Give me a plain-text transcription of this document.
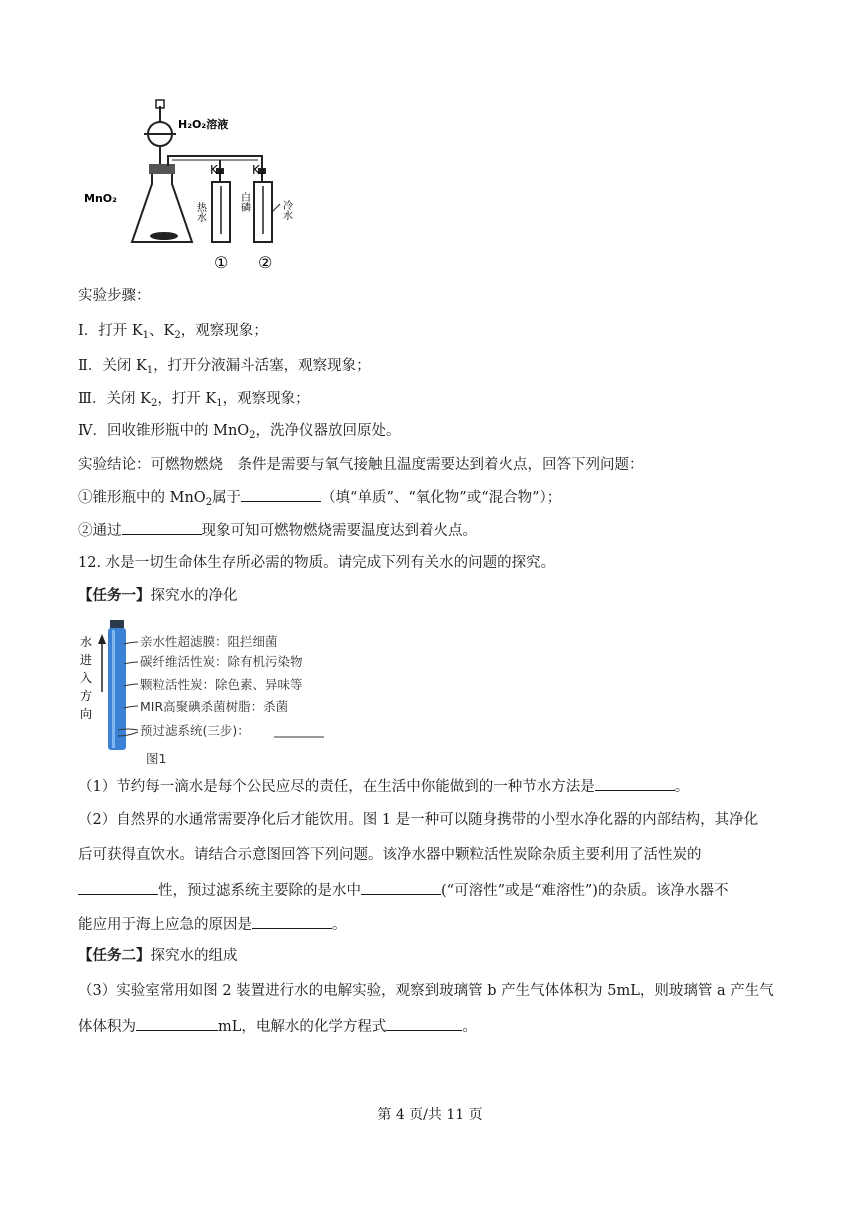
H₂O₂溶液
MnO₂
K₁ K₂
热水	白磷	冷水
① ②
实验步骤：
Ⅰ．打开 $K_1$、$K_2$，观察现象；
Ⅱ．关闭 $K_1$，打开分液漏斗活塞，观察现象；
Ⅲ．关闭 $K_2$，打开 $K_1$，观察现象；
Ⅳ．回收锥形瓶中的 MnO$_2$，洗净仪器放回原处。
实验结论：可燃物燃烧　条件是需要与氧气接触且温度需要达到着火点，回答下列问题：
①锥形瓶中的 MnO$_2$属于	（填“单质”、“氧化物”或“混合物”）；
②通过	现象可知可燃物燃烧需要温度达到着火点。
12. 水是一切生命体生存所必需的物质。请完成下列有关水的问题的探究。
【任务一】探究水的净化
水
进
入
方
向
亲水性超滤膜：阻拦细菌
碳纤维活性炭：除有机污染物
颗粒活性炭：除色素、异味等
MIR高聚碘杀菌树脂：杀菌
预过滤系统(三步)：
图1
（1）节约每一滴水是每个公民应尽的责任，在生活中你能做到的一种节水方法是	。
（2）自然界的水通常需要净化后才能饮用。图 1 是一种可以随身携带的小型水净化器的内部结构，其净化
后可获得直饮水。请结合示意图回答下列问题。该净水器中颗粒活性炭除杂质主要利用了活性炭的
性，预过滤系统主要除的是水中	(“可溶性”或是“难溶性”)的杂质。该净水器不
能应用于海上应急的原因是	。
【任务二】探究水的组成
（3）实验室常用如图 2 装置进行水的电解实验，观察到玻璃管 b 产生气体体积为 5mL，则玻璃管 a 产生气
体体积为	mL，电解水的化学方程式	。
第 4 页/共 11 页
